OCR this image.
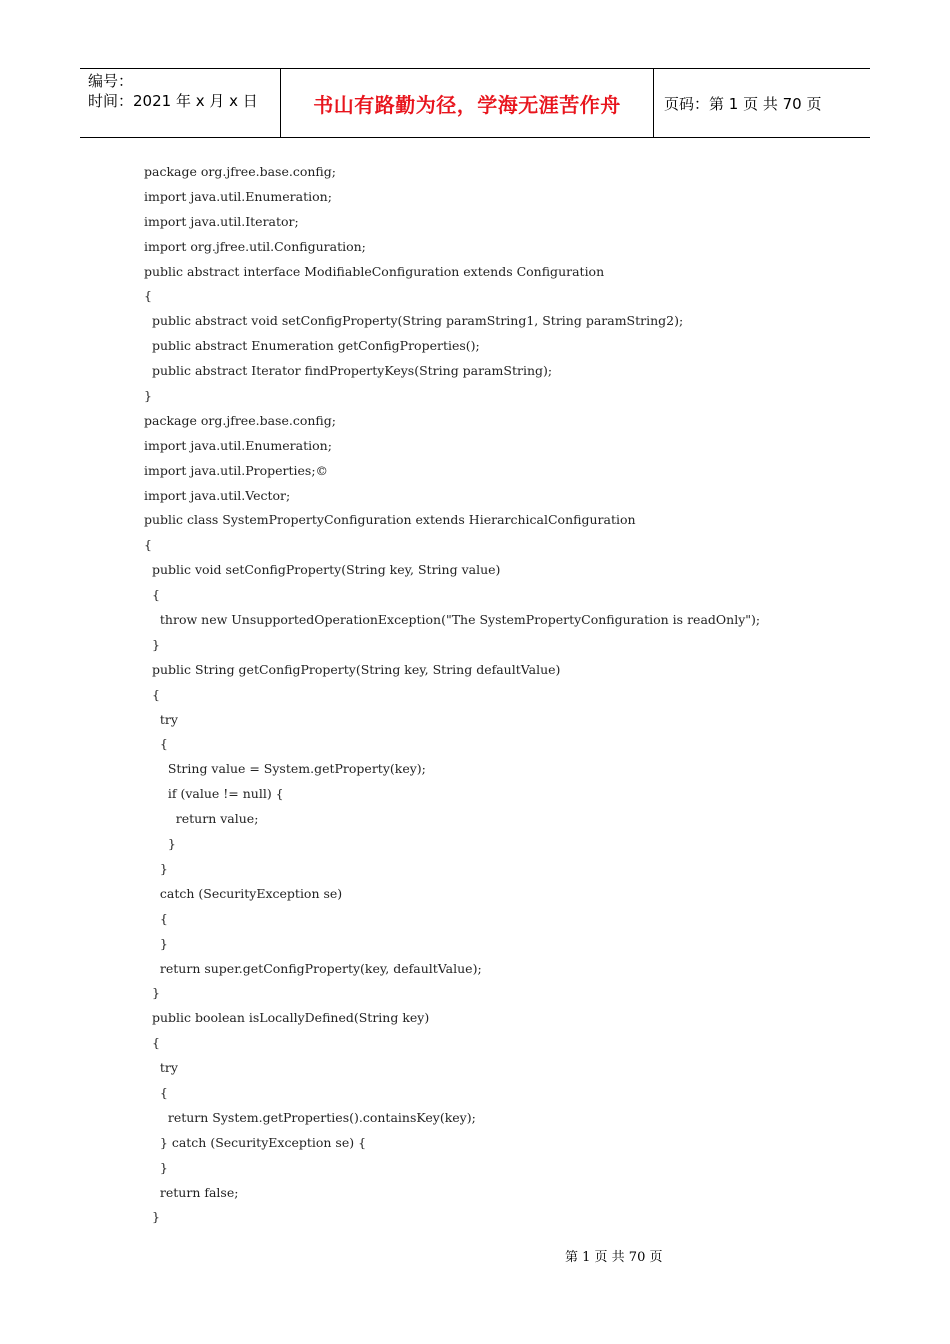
编号：
时间：2021 年 x 月 x 日	书山有路勤为径，学海无涯苦作舟	页码：第 1 页 共 70 页
package org.jfree.base.config;
import java.util.Enumeration;
import java.util.Iterator;
import org.jfree.util.Configuration;
public abstract interface ModifiableConfiguration extends Configuration
{
public abstract void setConfigProperty(String paramString1, String paramString2);
public abstract Enumeration getConfigProperties();
public abstract Iterator findPropertyKeys(String paramString);
}
package org.jfree.base.config;
import java.util.Enumeration;
import java.util.Properties;©
import java.util.Vector;
public class SystemPropertyConfiguration extends HierarchicalConfiguration
{
public void setConfigProperty(String key, String value)
{
throw new UnsupportedOperationException("The SystemPropertyConfiguration is readOnly");
}
public String getConfigProperty(String key, String defaultValue)
{
try
{
String value = System.getProperty(key);
if (value != null) {
return value;
}
}
catch (SecurityException se)
{
}
return super.getConfigProperty(key, defaultValue);
}
public boolean isLocallyDefined(String key)
{
try
{
return System.getProperties().containsKey(key);
} catch (SecurityException se) {
}
return false;
}
第 1 页 共 70 页
